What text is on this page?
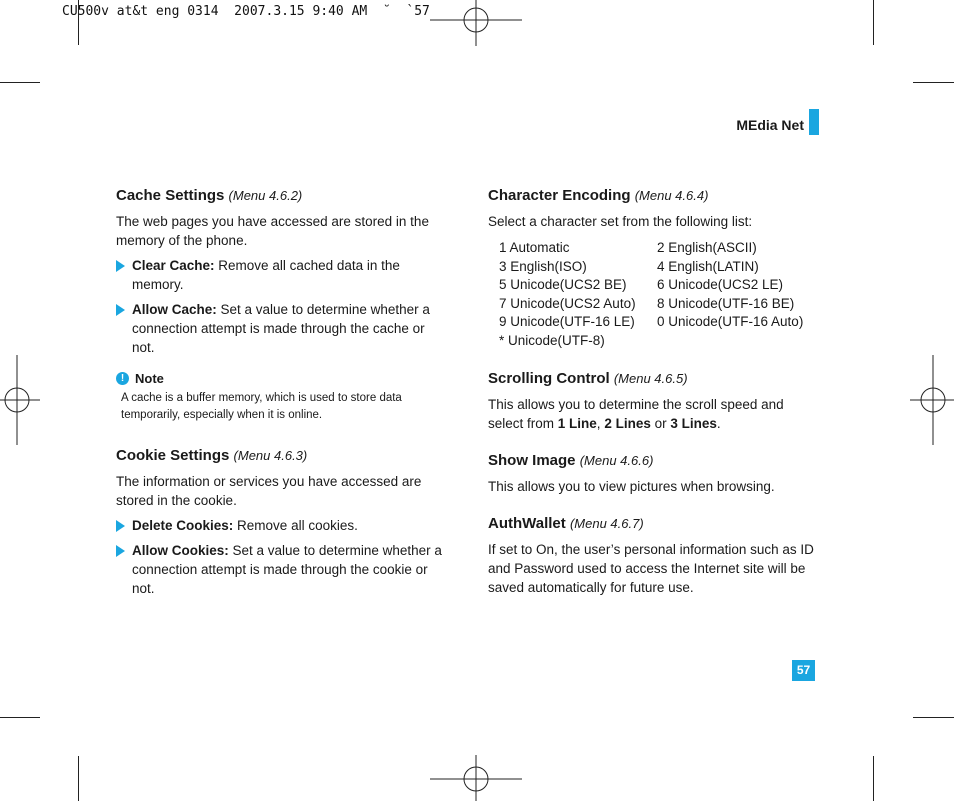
CU500v at&t eng 0314  2007.3.15 9:40 AM  ˘  `57
MEdia Net
Cache Settings (Menu 4.6.2)

The web pages you have accessed are stored in the memory of the phone.

Clear Cache: Remove all cached data in the memory.
Allow Cache: Set a value to determine whether a connection attempt is made through the cache or not.
! Note
A cache is a buffer memory, which is used to store data temporarily, especially when it is online.
Cookie Settings (Menu 4.6.3)

The information or services you have accessed are stored in the cookie.

Delete Cookies: Remove all cookies.
Allow Cookies: Set a value to determine whether a connection attempt is made through the cookie or not.
Character Encoding (Menu 4.6.4)

Select a character set from the following list:

1 Automatic	2 English(ASCII)
3 English(ISO)	4 English(LATIN)
5 Unicode(UCS2 BE)	6 Unicode(UCS2 LE)
7 Unicode(UCS2 Auto)	8 Unicode(UTF-16 BE)
9 Unicode(UTF-16 LE)	0 Unicode(UTF-16 Auto)
* Unicode(UTF-8)
Scrolling Control (Menu 4.6.5)

This allows you to determine the scroll speed and select from 1 Line, 2 Lines or 3 Lines.

Show Image (Menu 4.6.6)

This allows you to view pictures when browsing.

AuthWallet (Menu 4.6.7)

If set to On, the user’s personal information such as ID and Password used to access the Internet site will be saved automatically for future use.

57
